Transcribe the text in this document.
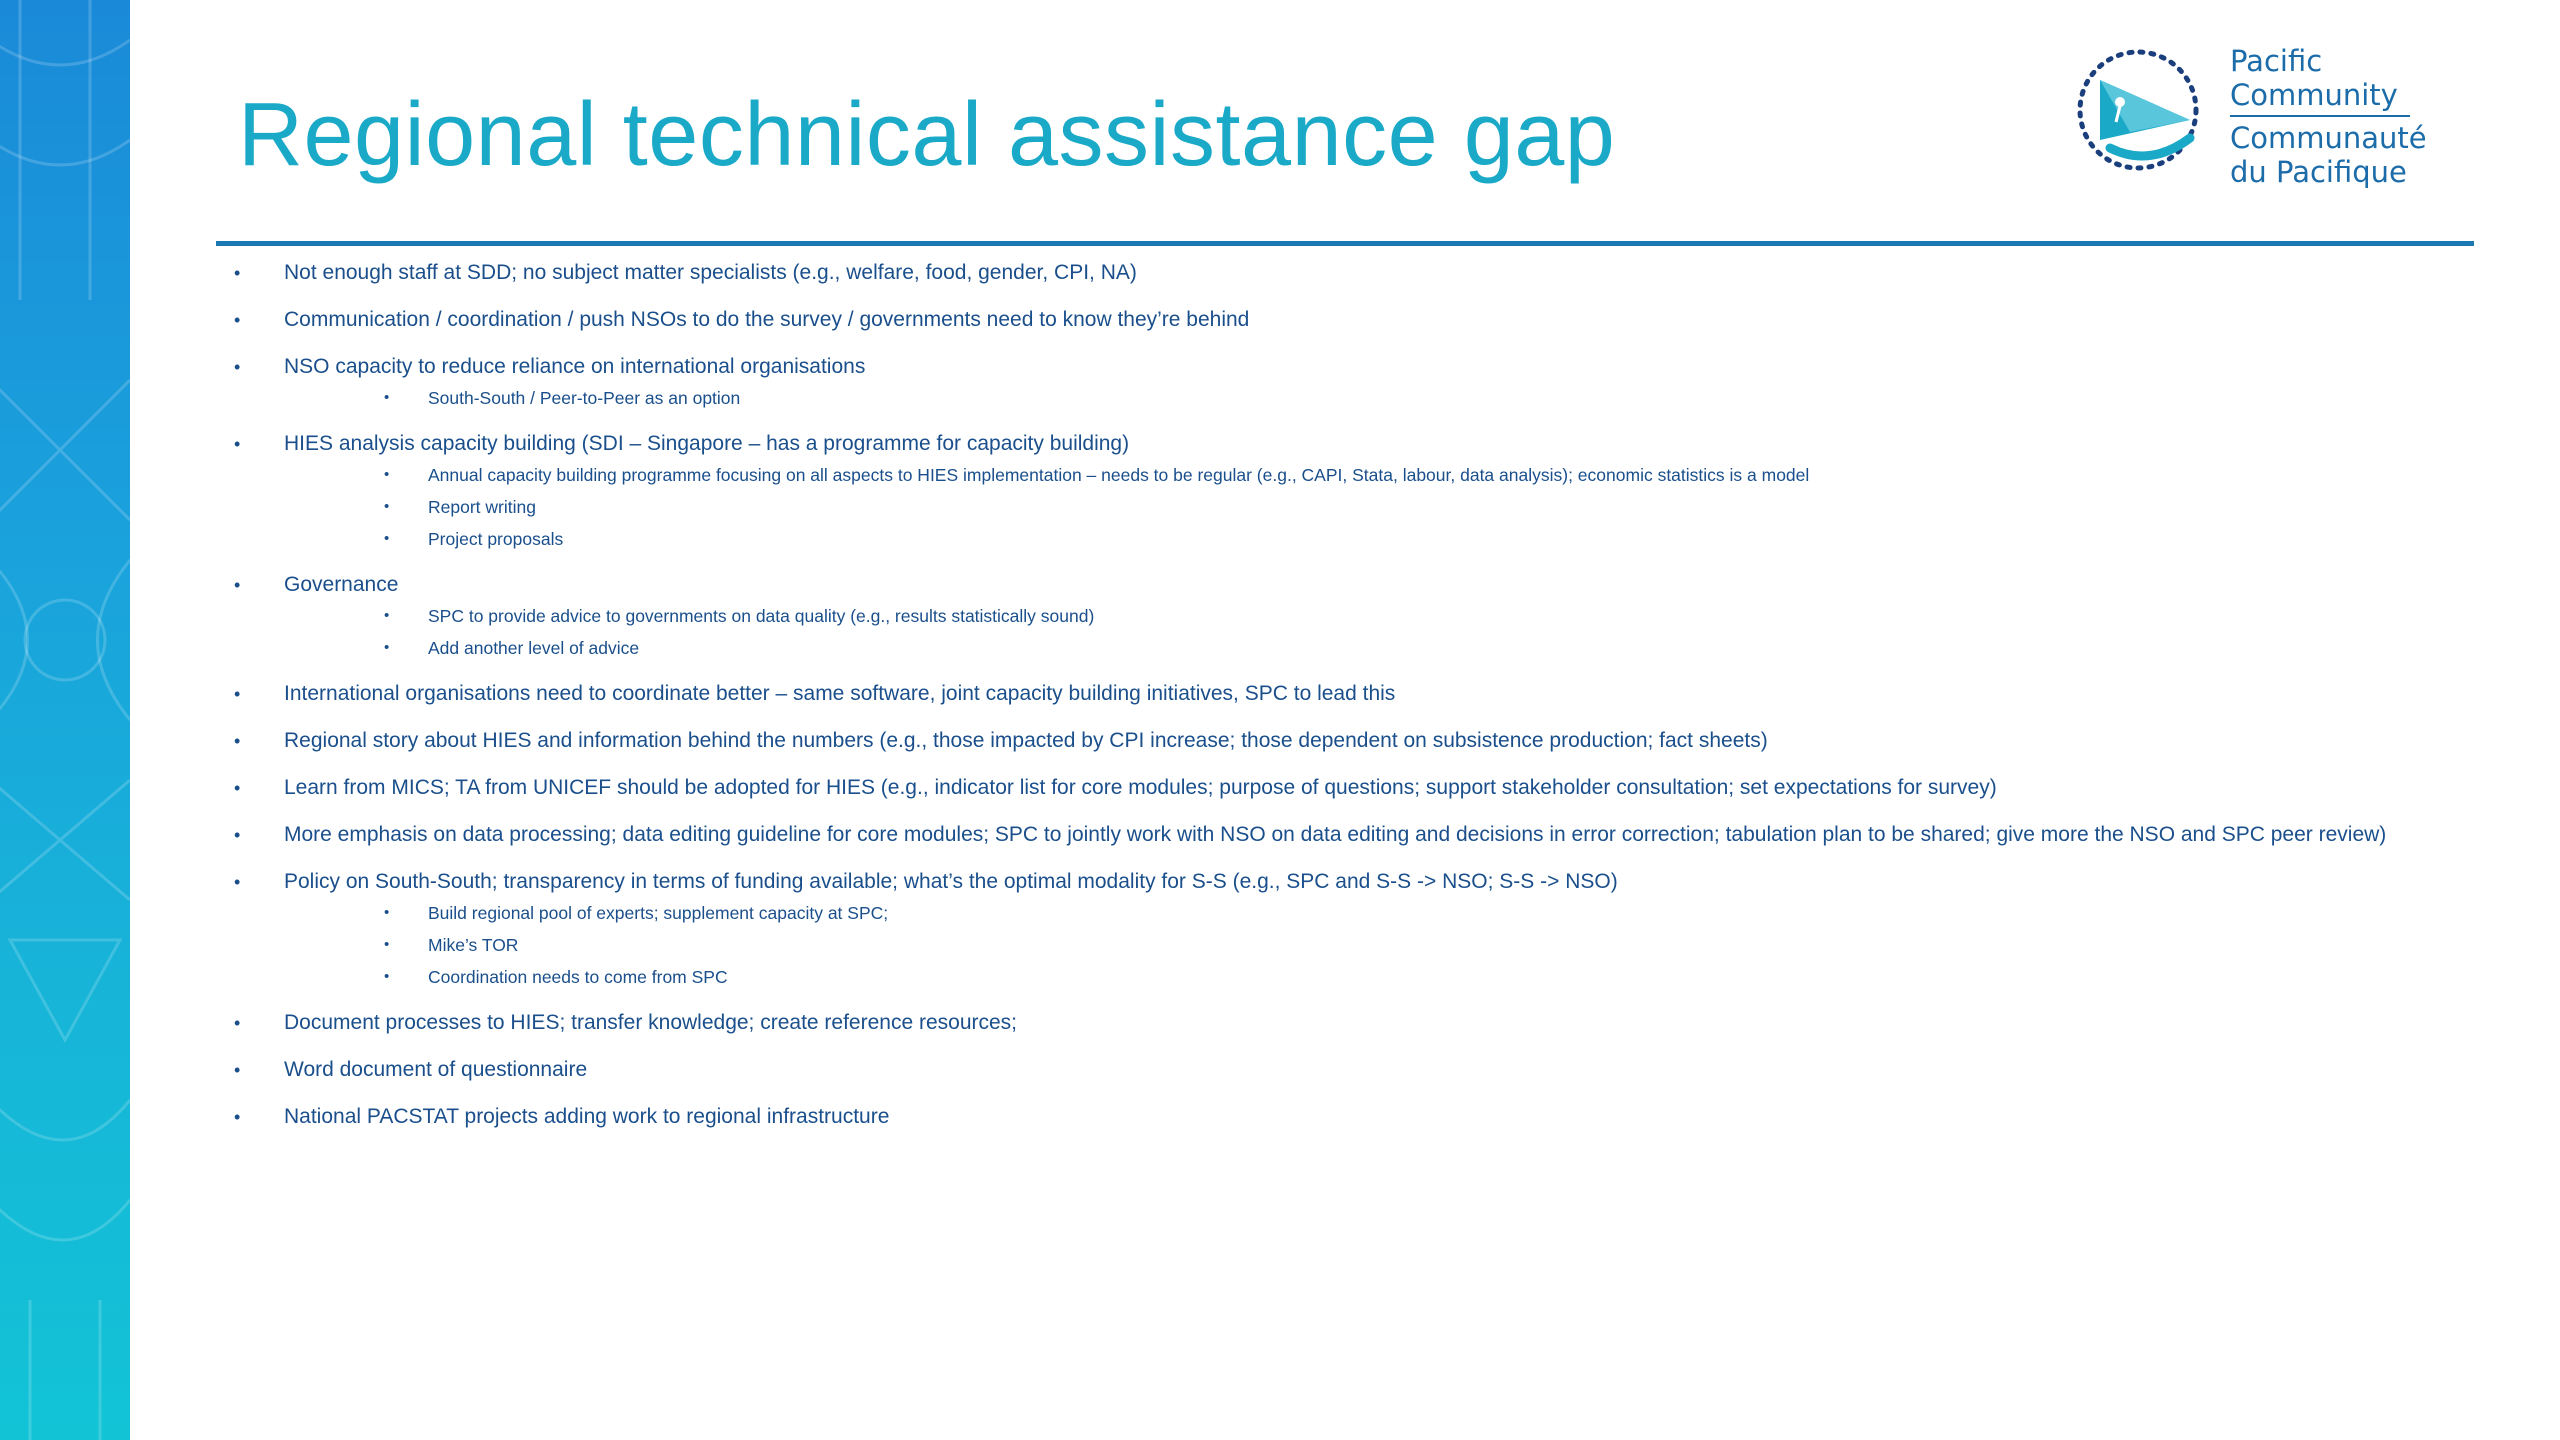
Regional technical assistance gap
Pacific
Community
Communauté
du Pacifique
• Not enough staff at SDD; no subject matter specialists (e.g., welfare, food, gender, CPI, NA)
• Communication / coordination / push NSOs to do the survey / governments need to know they’re behind
• NSO capacity to reduce reliance on international organisations
• South-South / Peer-to-Peer as an option
• HIES analysis capacity building (SDI – Singapore – has a programme for capacity building)
• Annual capacity building programme focusing on all aspects to HIES implementation – needs to be regular (e.g., CAPI, Stata, labour, data analysis); economic statistics is a model
• Report writing
• Project proposals
• Governance
• SPC to provide advice to governments on data quality (e.g., results statistically sound)
• Add another level of advice
• International organisations need to coordinate better – same software, joint capacity building initiatives, SPC to lead this
• Regional story about HIES and information behind the numbers (e.g., those impacted by CPI increase; those dependent on subsistence production; fact sheets)
• Learn from MICS; TA from UNICEF should be adopted for HIES (e.g., indicator list for core modules; purpose of questions; support stakeholder consultation; set expectations for survey)
• More emphasis on data processing; data editing guideline for core modules; SPC to jointly work with NSO on data editing and decisions in error correction; tabulation plan to be shared; give more the NSO and SPC peer review)
• Policy on South-South; transparency in terms of funding available; what’s the optimal modality for S-S (e.g., SPC and S-S -> NSO; S-S -> NSO)
• Build regional pool of experts; supplement capacity at SPC;
• Mike’s TOR
• Coordination needs to come from SPC
• Document processes to HIES; transfer knowledge; create reference resources;
• Word document of questionnaire
• National PACSTAT projects adding work to regional infrastructure
